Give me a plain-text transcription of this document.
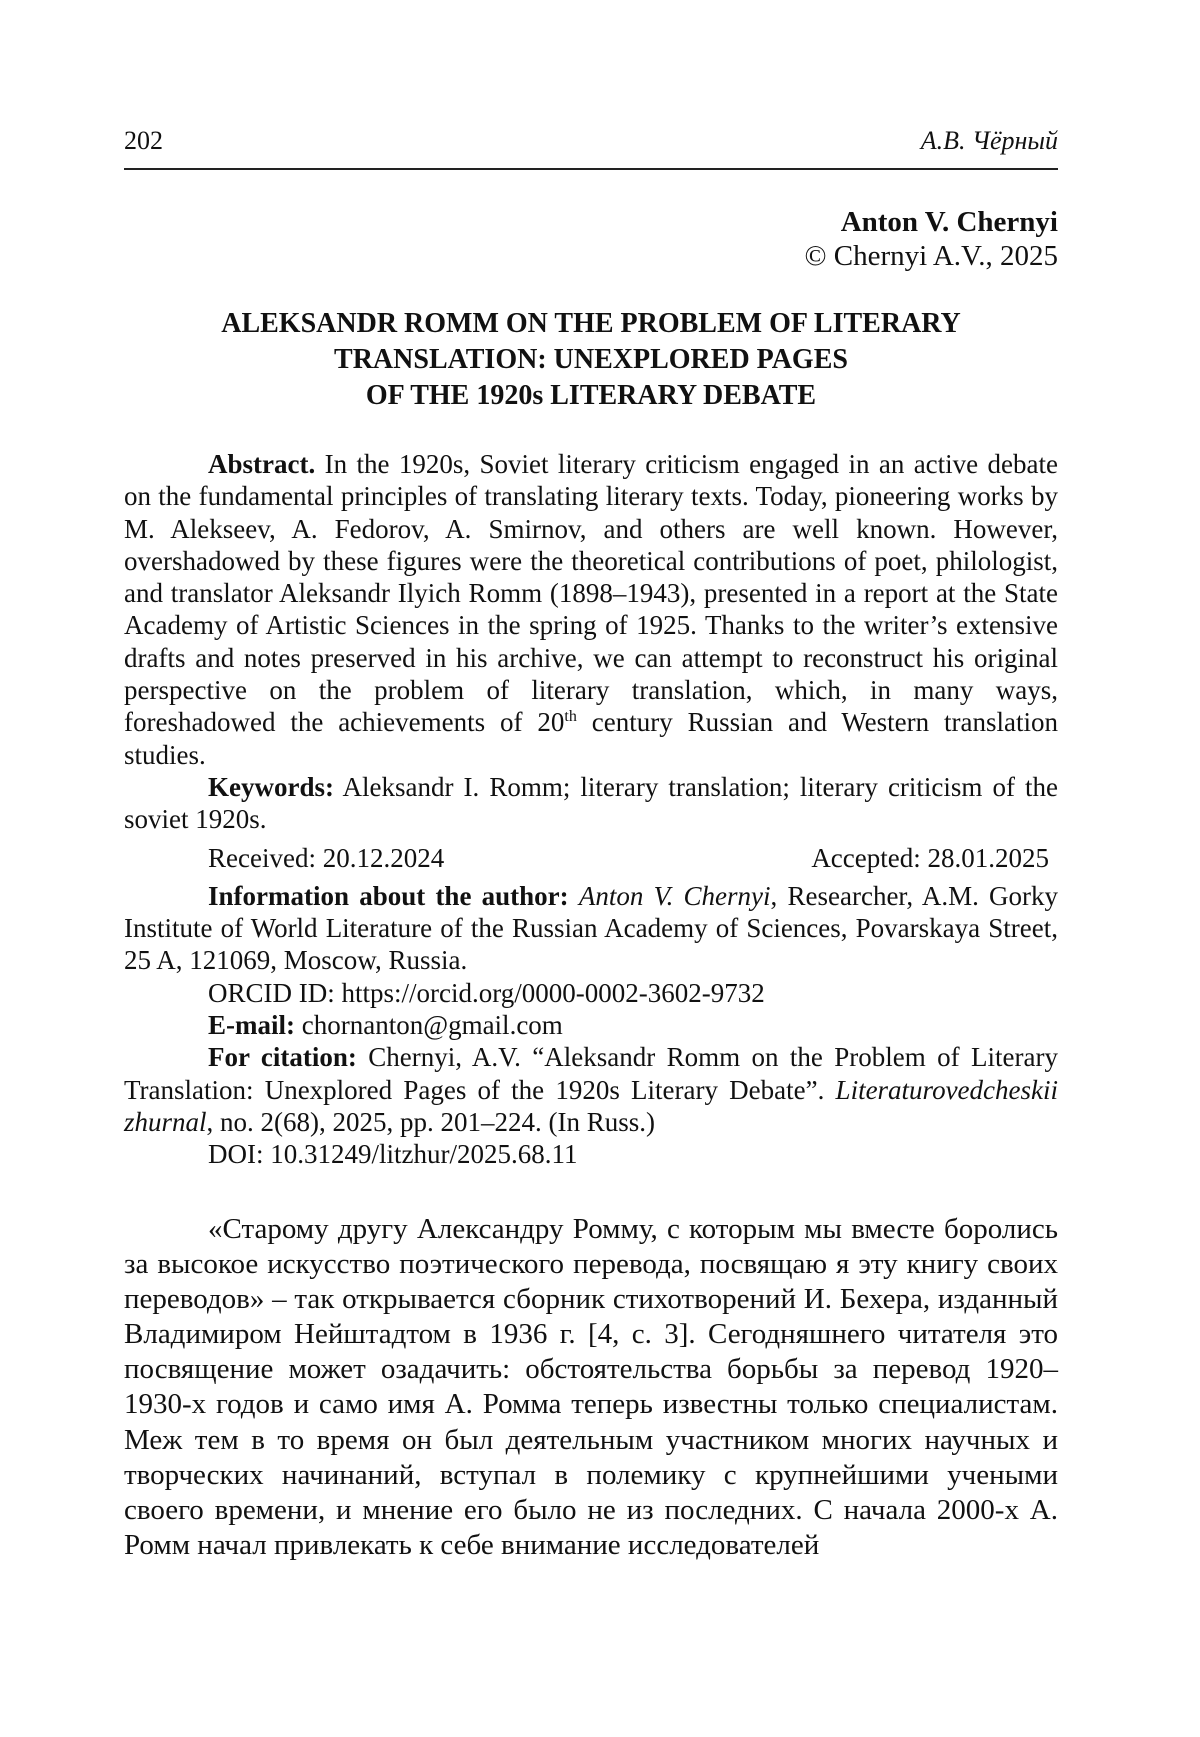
202	А.В. Чёрный
Anton V. Chernyi
© Chernyi A.V., 2025
ALEKSANDR ROMM ON THE PROBLEM OF LITERARY
TRANSLATION: UNEXPLORED PAGES
OF THE 1920s LITERARY DEBATE

Abstract. In the 1920s, Soviet literary criticism engaged in an active debate on the fundamental principles of translating literary texts. Today, pioneering works by M. Alekseev, A. Fedorov, A. Smirnov, and others are well known. However, overshadowed by these figures were the theoretical contributions of poet, philologist, and translator Aleksandr Ilyich Romm (1898–1943), presented in a report at the State Academy of Artistic Sciences in the spring of 1925. Thanks to the writer’s extensive drafts and notes preserved in his archive, we can attempt to reconstruct his original perspective on the problem of literary translation, which, in many ways, foreshadowed the achievements of 20th century Russian and Western translation studies.

Keywords: Aleksandr I. Romm; literary translation; literary criticism of the soviet 1920s.

Received: 20.12.2024	Accepted: 28.01.2025

Information about the author: Anton V. Chernyi, Researcher, A.M. Gorky Institute of World Literature of the Russian Academy of Sciences, Povarskaya Street, 25 A, 121069, Moscow, Russia.

ORCID ID: https://orcid.org/0000-0002-3602-9732

E-mail: chornanton@gmail.com

For citation: Chernyi, A.V. “Aleksandr Romm on the Problem of Literary Translation: Unexplored Pages of the 1920s Literary Debate”. Literaturovedcheskii zhurnal, no. 2(68), 2025, pp. 201–224. (In Russ.)

DOI: 10.31249/litzhur/2025.68.11

«Старому другу Александру Ромму, с которым мы вместе боролись за высокое искусство поэтического перевода, посвящаю я эту книгу своих переводов» – так открывается сборник стихотворений И. Бехера, изданный Владимиром Нейштадтом в 1936 г. [4, с. 3]. Сегодняшнего читателя это посвящение может озадачить: обстоятельства борьбы за перевод 1920–1930-х годов и само имя А. Ромма теперь известны только специалистам. Меж тем в то время он был деятельным участником многих научных и творческих начинаний, вступал в полемику с крупнейшими учеными своего времени, и мнение его было не из последних. С начала 2000-х А. Ромм начал привлекать к себе внимание исследователей
